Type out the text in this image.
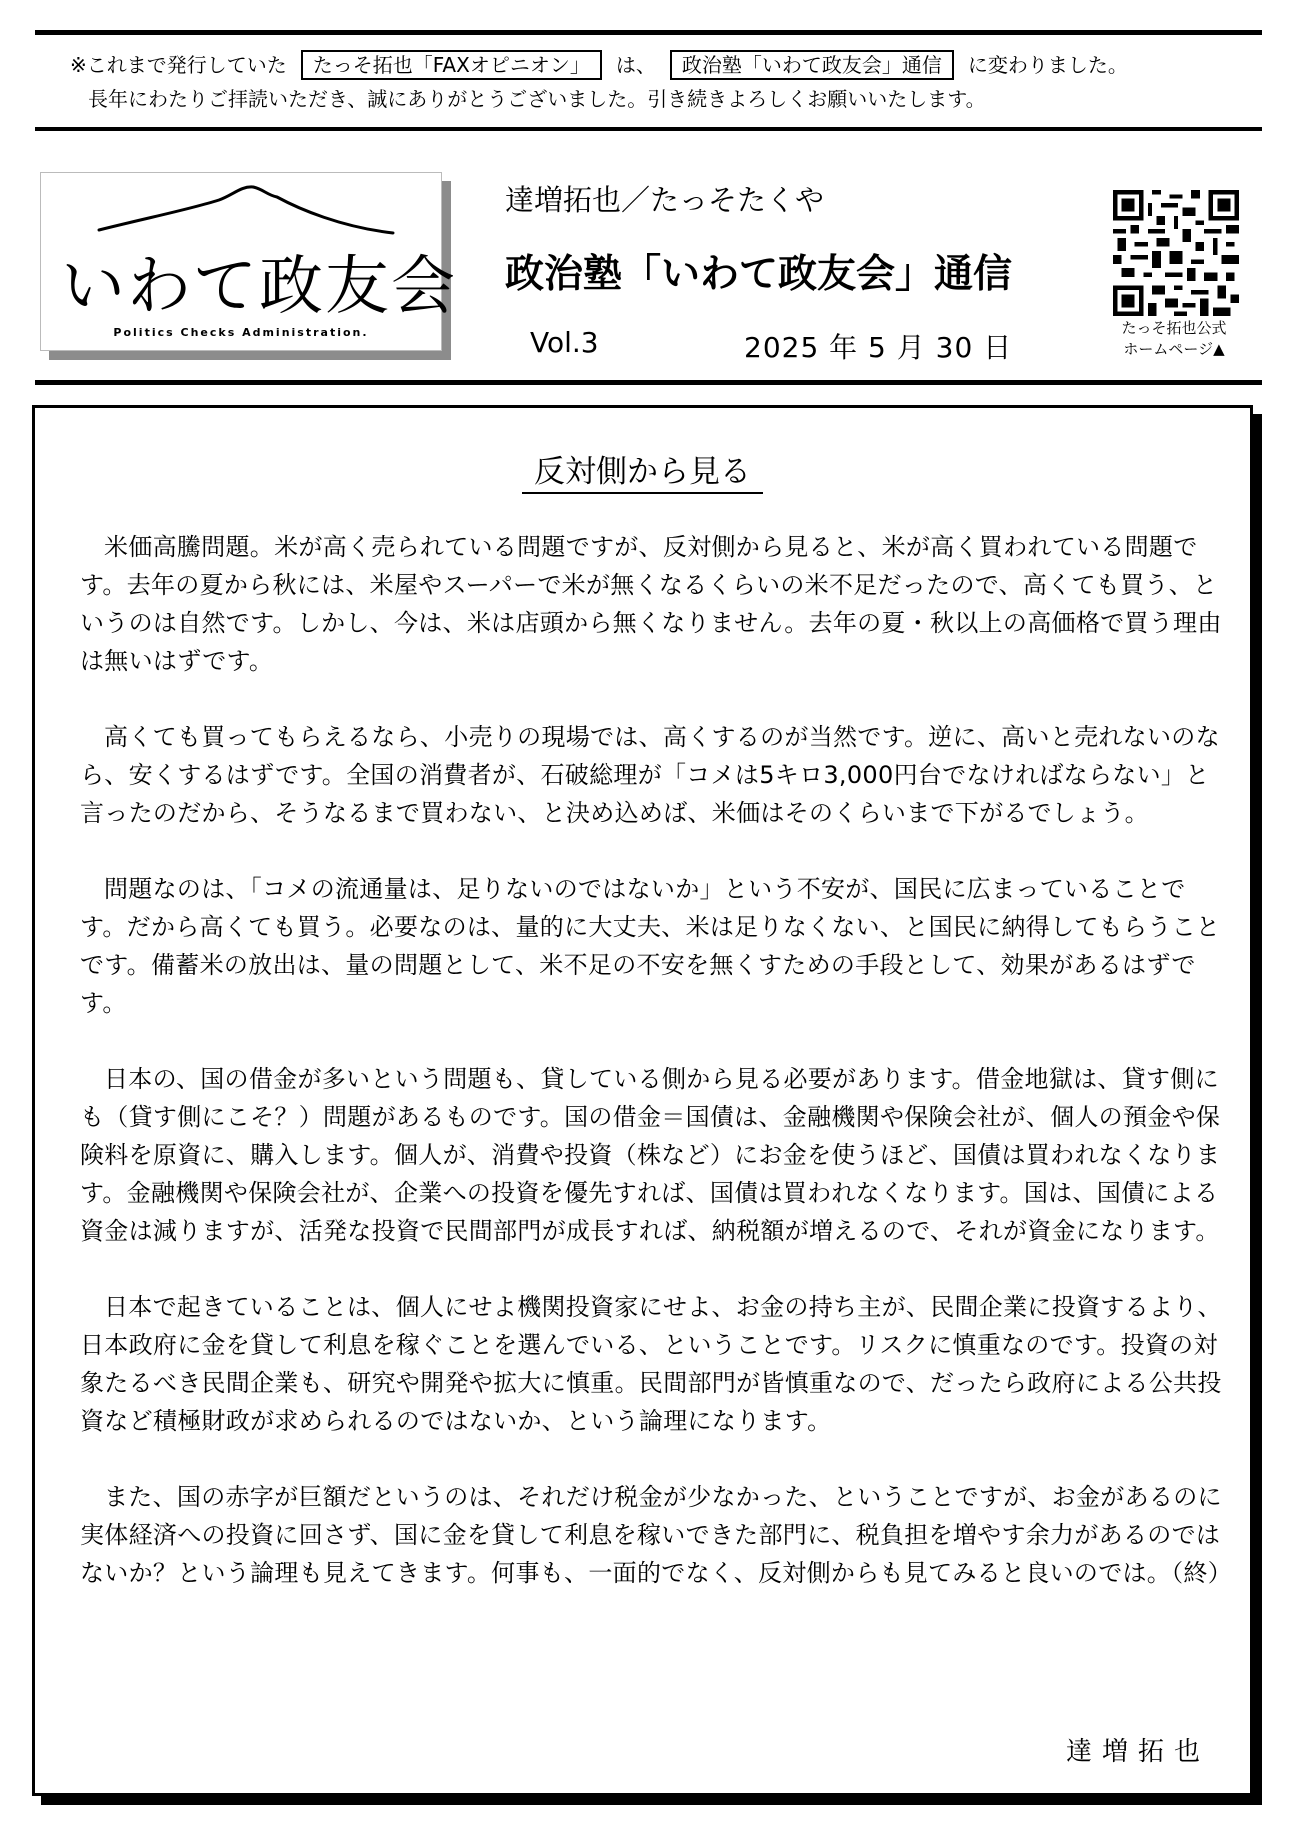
※これまで発行していた	たっそ拓也「FAXオピニオン」	は、	政治塾「いわて政友会」通信	に変わりました。
長年にわたりご拝読いただき、誠にありがとうございました。引き続きよろしくお願いいたします。
いわて政友会
Politics Checks Administration.
達増拓也／たっそたくや
政治塾「いわて政友会」通信
Vol.3	2025 年 5 月 30 日
たっそ拓也公式
ホームページ▲
反対側から見る

米価高騰問題。米が高く売られている問題ですが、反対側から見ると、米が高く買われている問題です。去年の夏から秋には、米屋やスーパーで米が無くなるくらいの米不足だったので、高くても買う、というのは自然です。しかし、今は、米は店頭から無くなりません。去年の夏・秋以上の高価格で買う理由は無いはずです。

高くても買ってもらえるなら、小売りの現場では、高くするのが当然です。逆に、高いと売れないのなら、安くするはずです。全国の消費者が、石破総理が「コメは5キロ3,000円台でなければならない」と言ったのだから、そうなるまで買わない、と決め込めば、米価はそのくらいまで下がるでしょう。

問題なのは、「コメの流通量は、足りないのではないか」という不安が、国民に広まっていることです。だから高くても買う。必要なのは、量的に大丈夫、米は足りなくない、と国民に納得してもらうことです。備蓄米の放出は、量の問題として、米不足の不安を無くすための手段として、効果があるはずです。

日本の、国の借金が多いという問題も、貸している側から見る必要があります。借金地獄は、貸す側にも（貸す側にこそ？）問題があるものです。国の借金＝国債は、金融機関や保険会社が、個人の預金や保険料を原資に、購入します。個人が、消費や投資（株など）にお金を使うほど、国債は買われなくなります。金融機関や保険会社が、企業への投資を優先すれば、国債は買われなくなります。国は、国債による資金は減りますが、活発な投資で民間部門が成長すれば、納税額が増えるので、それが資金になります。

日本で起きていることは、個人にせよ機関投資家にせよ、お金の持ち主が、民間企業に投資するより、日本政府に金を貸して利息を稼ぐことを選んでいる、ということです。リスクに慎重なのです。投資の対象たるべき民間企業も、研究や開発や拡大に慎重。民間部門が皆慎重なので、だったら政府による公共投資など積極財政が求められるのではないか、という論理になります。

また、国の赤字が巨額だというのは、それだけ税金が少なかった、ということですが、お金があるのに実体経済への投資に回さず、国に金を貸して利息を稼いできた部門に、税負担を増やす余力があるのではないか？という論理も見えてきます。何事も、一面的でなく、反対側からも見てみると良いのでは。（終）

達増拓也
